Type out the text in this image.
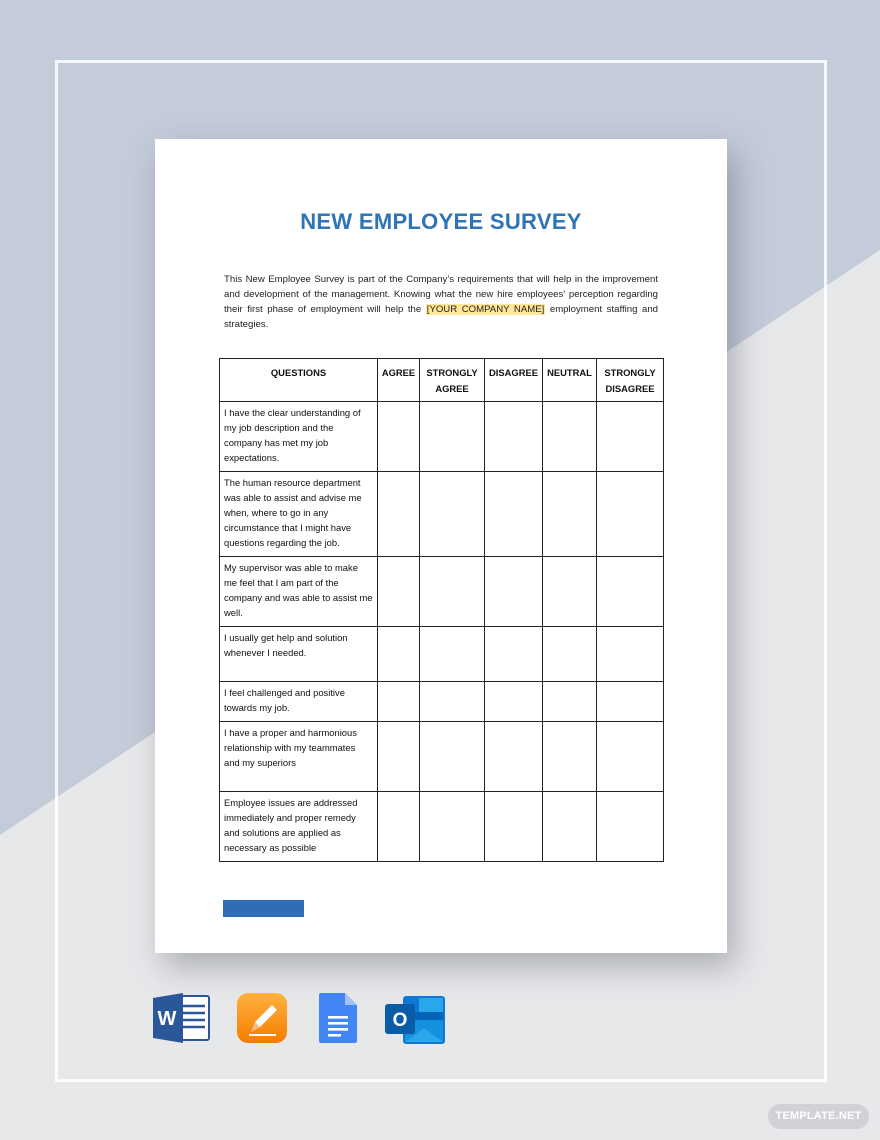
NEW EMPLOYEE SURVEY
This New Employee Survey is part of the Company’s requirements that will help in the improvement and development of the management. Knowing what the new hire employees’ perception regarding their first phase of employment will help the [YOUR COMPANY NAME] employment staffing and strategies.
QUESTIONS	AGREE	STRONGLY AGREE	DISAGREE	NEUTRAL	STRONGLY DISAGREE
I have the clear understanding of my job description and the company has met my job expectations.					
The human resource department was able to assist and advise me when, where to go in any circumstance that I might have questions regarding the job.					
My supervisor was able to make me feel that I am part of the company and was able to assist me well.					
I usually get help and solution whenever I needed.					
I feel challenged and positive towards my job.					
I have a proper and harmonious relationship with my teammates and my superiors					
Employee issues are addressed immediately and proper remedy and solutions are applied as necessary as possible					
W	O
TEMPLATE.NET
